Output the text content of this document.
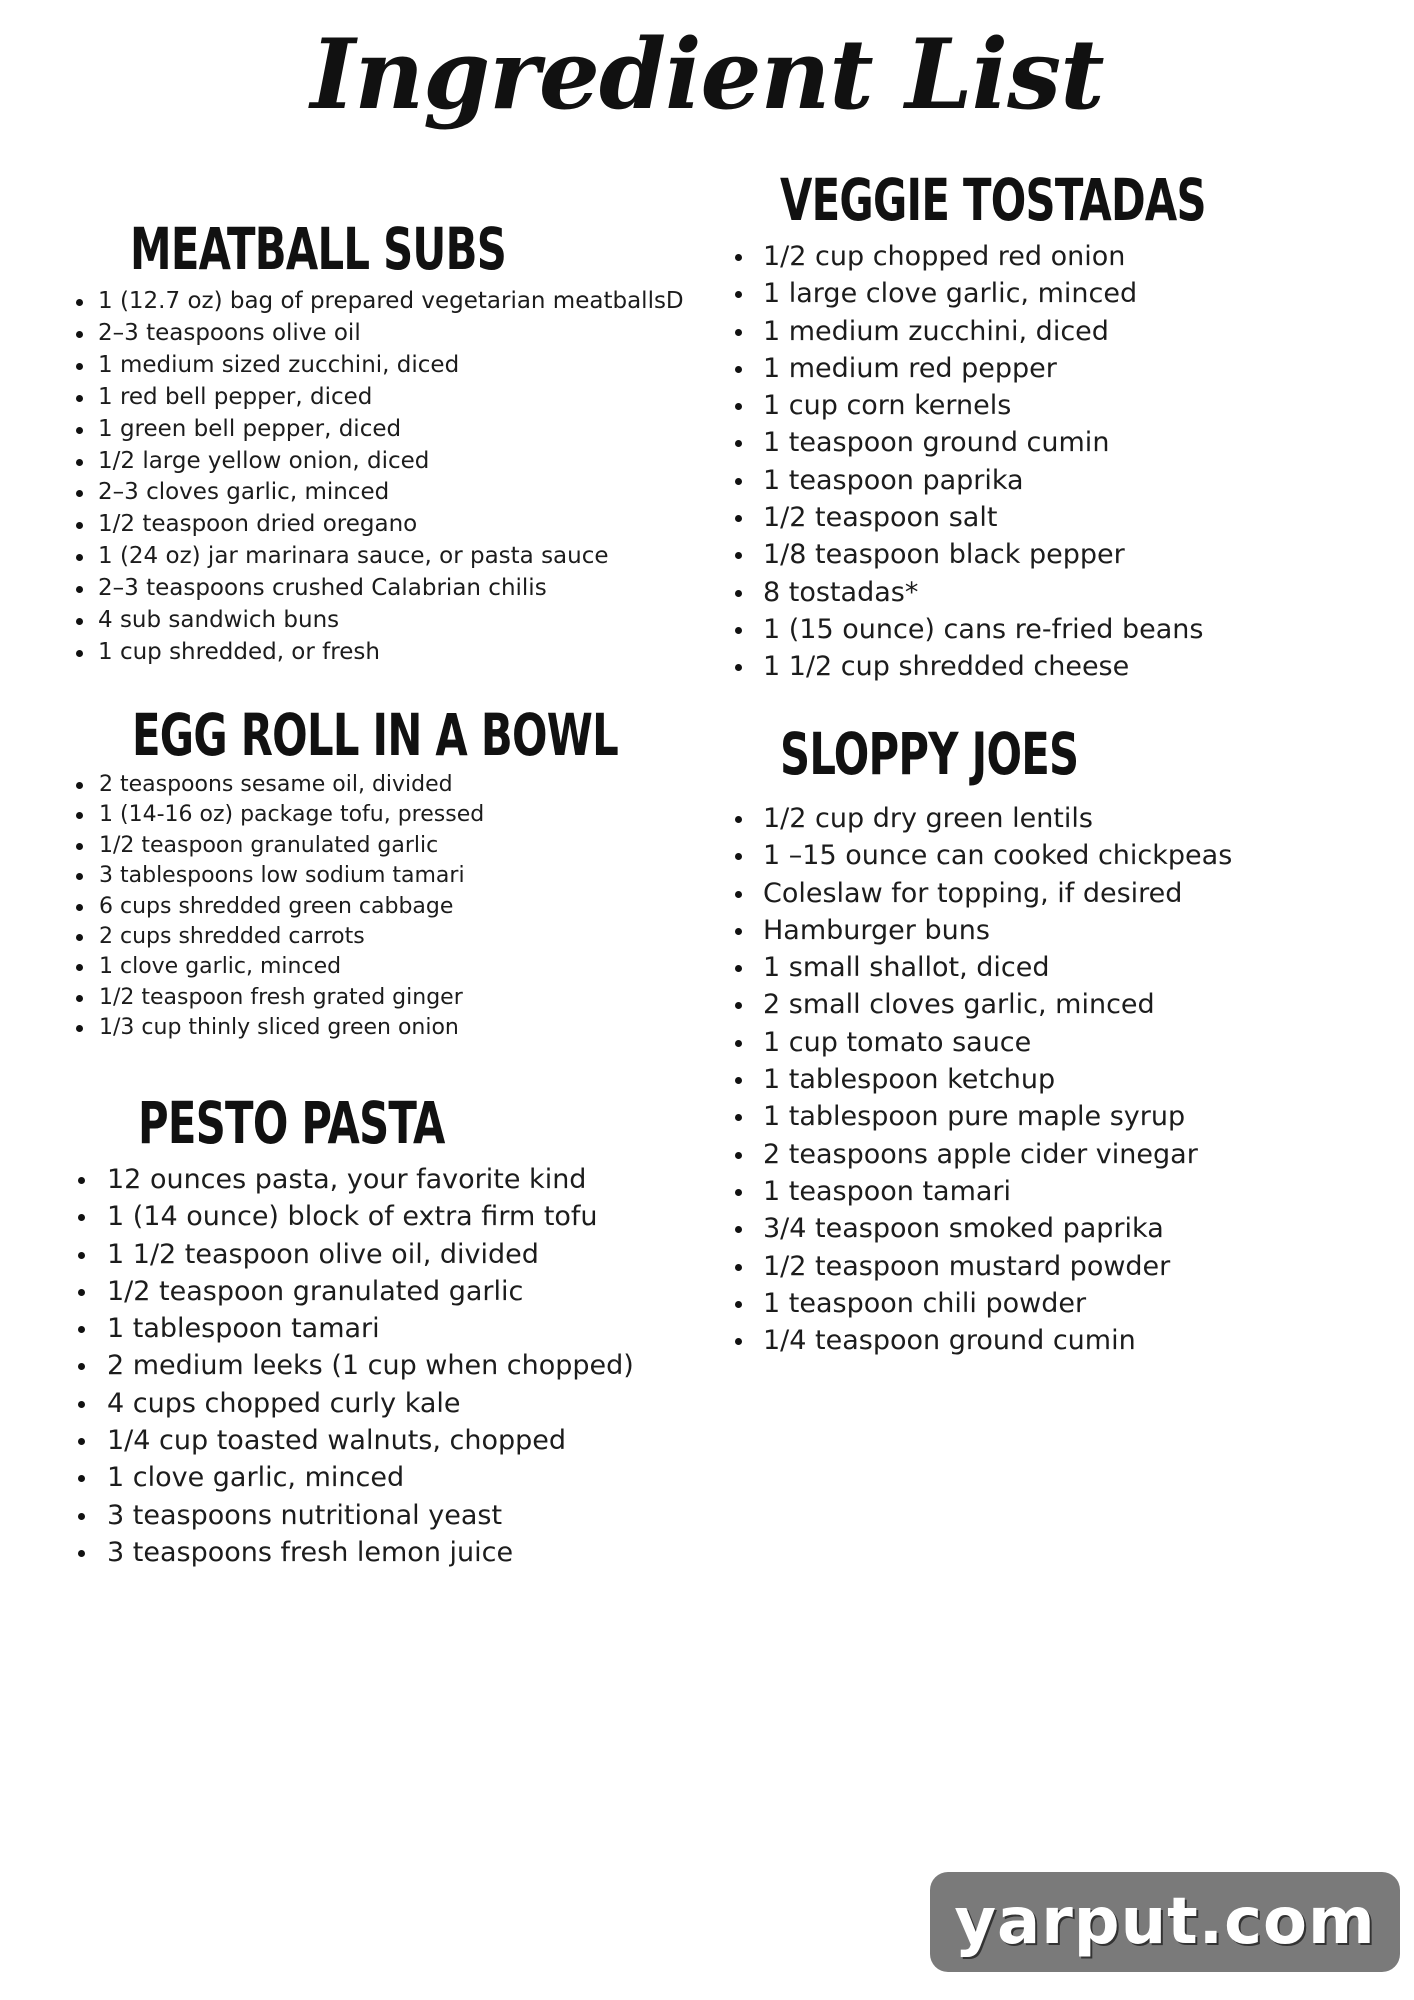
Ingredient List
MEATBALL SUBS
1 (12.7 oz) bag of prepared vegetarian meatballsD
2–3 teaspoons olive oil
1 medium sized zucchini, diced
1 red bell pepper, diced
1 green bell pepper, diced
1/2 large yellow onion, diced
2–3 cloves garlic, minced
1/2 teaspoon dried oregano
1 (24 oz) jar marinara sauce, or pasta sauce
2–3 teaspoons crushed Calabrian chilis
4 sub sandwich buns
1 cup shredded, or fresh
EGG ROLL IN A BOWL
2 teaspoons sesame oil, divided
1 (14-16 oz) package tofu, pressed
1/2 teaspoon granulated garlic
3 tablespoons low sodium tamari
6 cups shredded green cabbage
2 cups shredded carrots
1 clove garlic, minced
1/2 teaspoon fresh grated ginger
1/3 cup thinly sliced green onion
PESTO PASTA
12 ounces pasta, your favorite kind
1 (14 ounce) block of extra firm tofu
1 1/2 teaspoon olive oil, divided
1/2 teaspoon granulated garlic
1 tablespoon tamari
2 medium leeks (1 cup when chopped)
4 cups chopped curly kale
1/4 cup toasted walnuts, chopped
1 clove garlic, minced
3 teaspoons nutritional yeast
3 teaspoons fresh lemon juice
VEGGIE TOSTADAS
1/2 cup chopped red onion
1 large clove garlic, minced
1 medium zucchini, diced
1 medium red pepper
1 cup corn kernels
1 teaspoon ground cumin
1 teaspoon paprika
1/2 teaspoon salt
1/8 teaspoon black pepper
8 tostadas*
1 (15 ounce) cans re-fried beans
1 1/2 cup shredded cheese
SLOPPY JOES
1/2 cup dry green lentils
1 –15 ounce can cooked chickpeas
Coleslaw for topping, if desired
Hamburger buns
1 small shallot, diced
2 small cloves garlic, minced
1 cup tomato sauce
1 tablespoon ketchup
1 tablespoon pure maple syrup
2 teaspoons apple cider vinegar
1 teaspoon tamari
3/4 teaspoon smoked paprika
1/2 teaspoon mustard powder
1 teaspoon chili powder
1/4 teaspoon ground cumin
yarput.com
